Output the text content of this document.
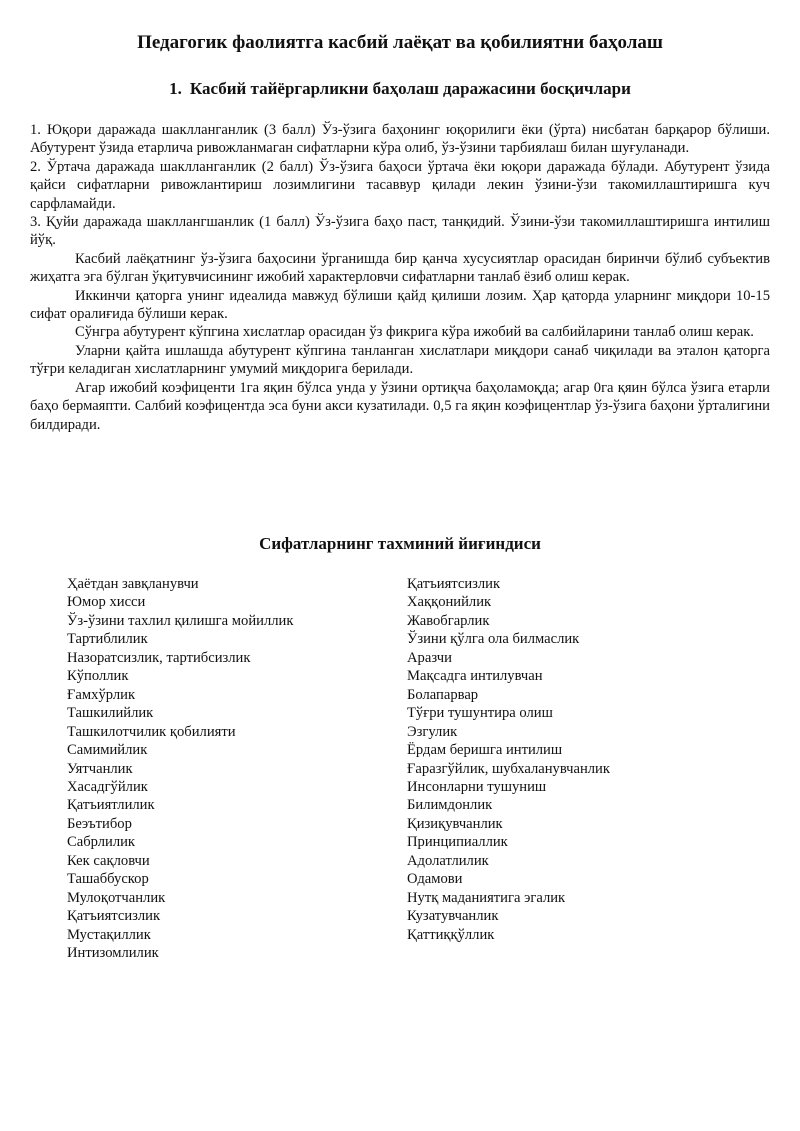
Педагогик фаолиятга касбий лаёқат ва қобилиятни баҳолаш
1. Касбий тайёргарликни баҳолаш даражасини босқичлари

1. Юқори даражада шаклланганлик (3 балл) Ўз-ўзига баҳонинг юқорилиги ёки (ўрта) нисбатан барқарор бўлиши. Абутурент ўзида етарлича ривожланмаган сифатларни кўра олиб, ўз-ўзини тарбиялаш билан шуғуланади.

2. Ўртача даражада шаклланганлик (2 балл) Ўз-ўзига баҳоси ўртача ёки юқори даражада бўлади. Абутурент ўзида қайси сифатларни ривожлантириш лозимлигини тасаввур қилади лекин ўзини-ўзи такомиллаштиришга куч сарфламайди.

3. Қуйи даражада шакллангшанлик (1 балл) Ўз-ўзига баҳо паст, танқидий. Ўзини-ўзи такомиллаштиришга интилиш йўқ.

Касбий лаёқатнинг ўз-ўзига баҳосини ўрганишда бир қанча хусусиятлар орасидан биринчи бўлиб субъектив жиҳатга эга бўлган ўқитувчисининг ижобий характерловчи сифатларни танлаб ёзиб олиш керак.

Иккинчи қаторга унинг идеалида мавжуд бўлиши қайд қилиши лозим. Ҳар қаторда уларнинг миқдори 10-15 сифат оралиғида бўлиши керак.

Сўнгра абутурент кўпгина хислатлар орасидан ўз фикрига кўра ижобий ва салбийларини танлаб олиш керак.

Уларни қайта ишлашда абутурент кўпгина танланган хислатлари миқдори санаб чиқилади ва эталон қаторга тўғри келадиган хислатларнинг умумий миқдорига берилади.

Агар ижобий коэфиценти 1га яқин бўлса унда у ўзини ортиқча баҳоламоқда; агар 0га қяин бўлса ўзига етарли баҳо бермаяпти. Салбий коэфицентда эса буни акси кузатилади. 0,5 га яқин коэфицентлар ўз-ўзига баҳони ўрталигини билдиради.

Сифатларнинг тахминий йиғиндиси
Ҳаётдан завқланувчи
Юмор хисси
Ўз-ўзини тахлил қилишга мойиллик
Тартиблилик
Назоратсизлик, тартибсизлик
Кўполлик
Ғамхўрлик
Ташкилийлик
Ташкилотчилик қобилияти
Самимийлик
Уятчанлик
Хасадгўйлик
Қатъиятлилик
Беэътибор
Сабрлилик
Кек сақловчи
Ташаббускор
Мулоқотчанлик
Қатъиятсизлик
Мустақиллик
Интизомлилик
Қатъиятсизлик
Хаққонийлик
Жавобгарлик
Ўзини қўлга ола билмаслик
Аразчи
Мақсадга интилувчан
Болапарвар
Тўғри тушунтира олиш
Эзгулик
Ёрдам беришга интилиш
Ғаразгўйлик, шубхаланувчанлик
Инсонларни тушуниш
Билимдонлик
Қизиқувчанлик
Принципиаллик
Адолатлилик
Одамови
Нутқ маданиятига эгалик
Кузатувчанлик
Қаттиққўллик
